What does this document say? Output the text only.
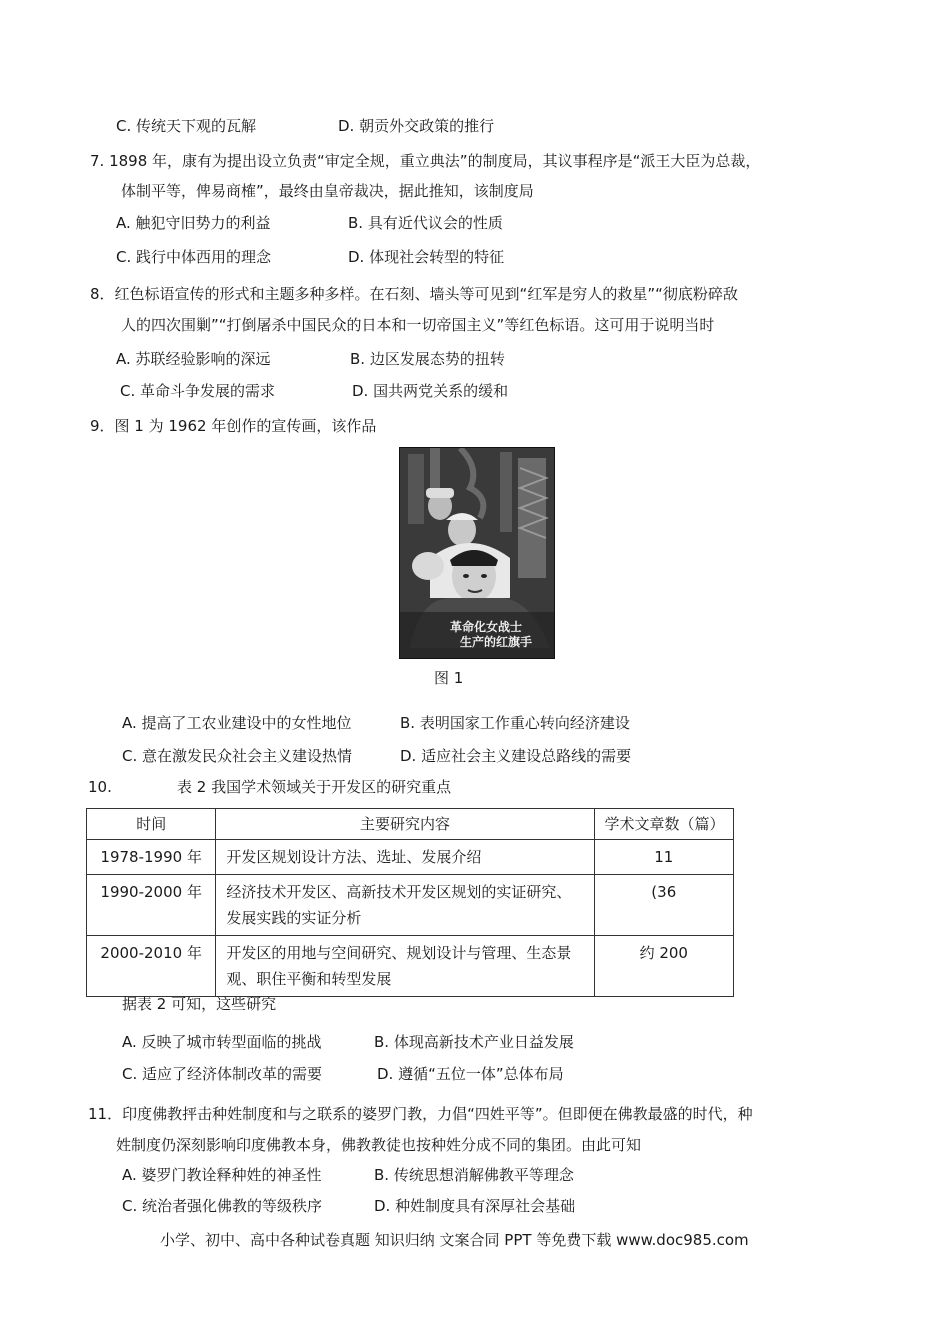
C. 传统天下观的瓦解	D. 朝贡外交政策的推行
7. 1898 年，康有为提出设立负责“审定全规，重立典法”的制度局，其议事程序是“派王大臣为总裁，
体制平等，俾易商榷”，最终由皇帝裁决，据此推知，该制度局
A. 触犯守旧势力的利益	B. 具有近代议会的性质
C. 践行中体西用的理念	D. 体现社会转型的特征
8．红色标语宣传的形式和主题多种多样。在石刻、墙头等可见到“红军是穷人的救星”“彻底粉碎敌
人的四次围剿”“打倒屠杀中国民众的日本和一切帝国主义”等红色标语。这可用于说明当时
A. 苏联经验影响的深远	B. 边区发展态势的扭转
C. 革命斗争发展的需求	D. 国共两党关系的缓和
9．图 1 为 1962 年创作的宣传画，该作品
革命化女战士
生产的红旗手
图 1
A. 提高了工农业建设中的女性地位	B. 表明国家工作重心转向经济建设
C. 意在激发民众社会主义建设热情	D. 适应社会主义建设总路线的需要
10.	表 2 我国学术领域关于开发区的研究重点
时间	主要研究内容	学术文章数（篇）
1978-1990 年	开发区规划设计方法、选址、发展介绍	11
1990-2000 年	经济技术开发区、高新技术开发区规划的实证研究、发展实践的实证分析	(36
2000-2010 年	开发区的用地与空间研究、规划设计与管理、生态景观、职住平衡和转型发展	约 200
据表 2 可知，这些研究
A. 反映了城市转型面临的挑战	B. 体现高新技术产业日益发展
C. 适应了经济体制改革的需要	D. 遵循“五位一体”总体布局
11．印度佛教抨击种姓制度和与之联系的婆罗门教，力倡“四姓平等”。但即便在佛教最盛的时代，种
姓制度仍深刻影响印度佛教本身，佛教教徒也按种姓分成不同的集团。由此可知
A. 婆罗门教诠释种姓的神圣性	B. 传统思想消解佛教平等理念
C. 统治者强化佛教的等级秩序	D. 种姓制度具有深厚社会基础
小学、初中、高中各种试卷真题 知识归纳 文案合同 PPT 等免费下载 www.doc985.com
